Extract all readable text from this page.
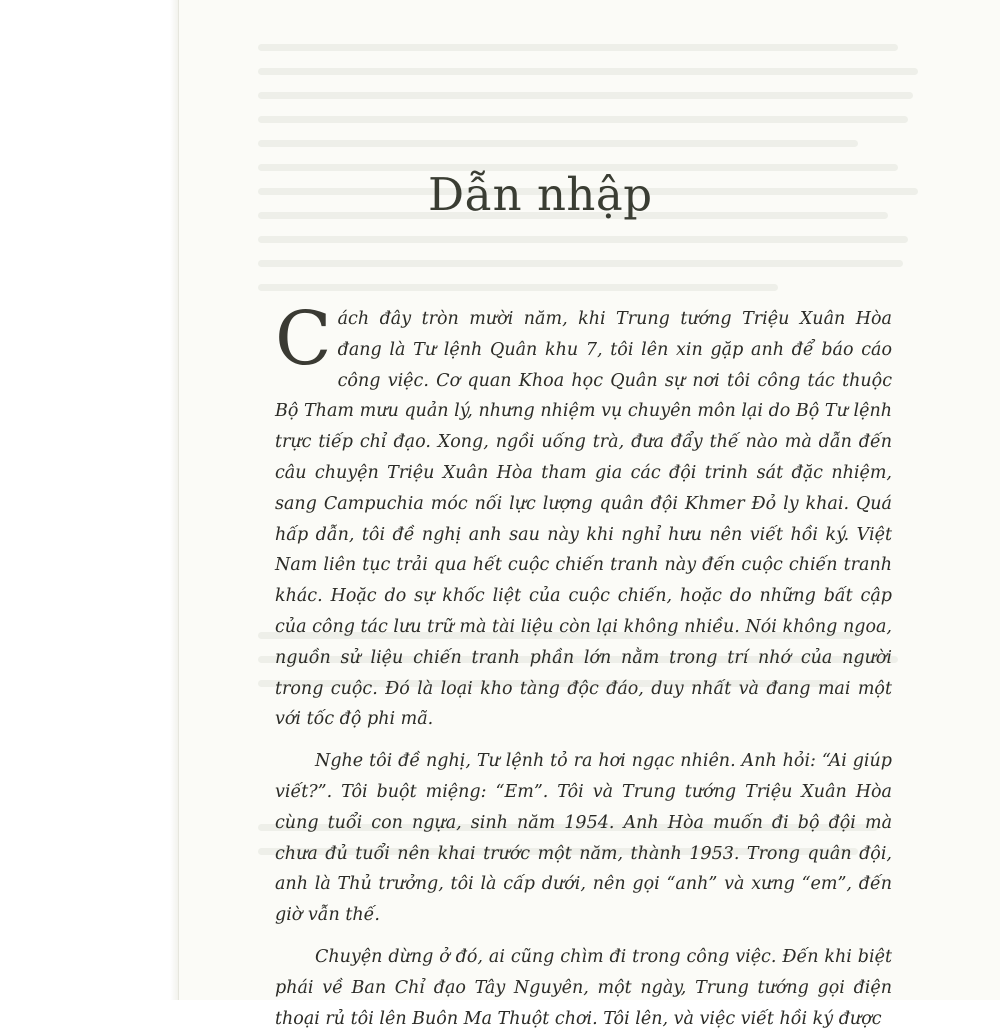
Dẫn nhập

Cách đây tròn mười năm, khi Trung tướng Triệu Xuân Hòa đang là Tư lệnh Quân khu 7, tôi lên xin gặp anh để báo cáo công việc. Cơ quan Khoa học Quân sự nơi tôi công tác thuộc Bộ Tham mưu quản lý, nhưng nhiệm vụ chuyên môn lại do Bộ Tư lệnh trực tiếp chỉ đạo. Xong, ngồi uống trà, đưa đẩy thế nào mà dẫn đến câu chuyện Triệu Xuân Hòa tham gia các đội trinh sát đặc nhiệm, sang Campuchia móc nối lực lượng quân đội Khmer Đỏ ly khai. Quá hấp dẫn, tôi đề nghị anh sau này khi nghỉ hưu nên viết hồi ký. Việt Nam liên tục trải qua hết cuộc chiến tranh này đến cuộc chiến tranh khác. Hoặc do sự khốc liệt của cuộc chiến, hoặc do những bất cập của công tác lưu trữ mà tài liệu còn lại không nhiều. Nói không ngoa, nguồn sử liệu chiến tranh phần lớn nằm trong trí nhớ của người trong cuộc. Đó là loại kho tàng độc đáo, duy nhất và đang mai một với tốc độ phi mã.

Nghe tôi đề nghị, Tư lệnh tỏ ra hơi ngạc nhiên. Anh hỏi: “Ai giúp viết?”. Tôi buột miệng: “Em”. Tôi và Trung tướng Triệu Xuân Hòa cùng tuổi con ngựa, sinh năm 1954. Anh Hòa muốn đi bộ đội mà chưa đủ tuổi nên khai trước một năm, thành 1953. Trong quân đội, anh là Thủ trưởng, tôi là cấp dưới, nên gọi “anh” và xưng “em”, đến giờ vẫn thế.

Chuyện dừng ở đó, ai cũng chìm đi trong công việc. Đến khi biệt phái về Ban Chỉ đạo Tây Nguyên, một ngày, Trung tướng gọi điện thoại rủ tôi lên Buôn Ma Thuột chơi. Tôi lên, và việc viết hồi ký được
